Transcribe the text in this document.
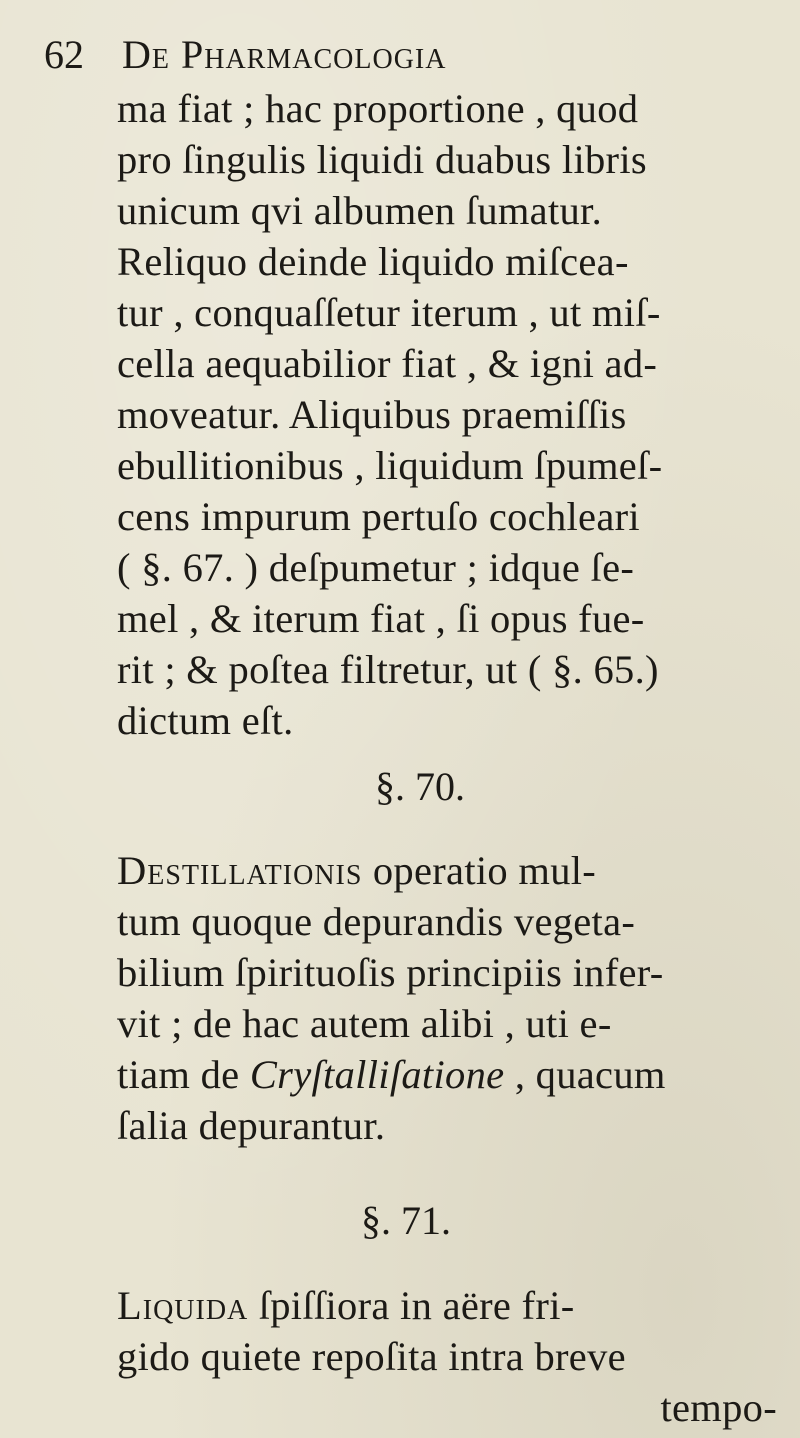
62 De Pharmacologia
ma fiat ; hac proportione , quod
pro ſingulis liquidi duabus libris
unicum qvi albumen ſumatur.
Reliquo deinde liquido miſcea-
tur , conquaſſetur iterum , ut miſ-
cella aequabilior fiat , & igni ad-
moveatur. Aliquibus praemiſſis
ebullitionibus , liquidum ſpumeſ-
cens impurum pertuſo cochleari
( §. 67. ) deſpumetur ; idque ſe-
mel , & iterum fiat , ſi opus fue-
rit ; & poſtea filtretur, ut ( §. 65.)
dictum eſt.
§. 70.
Destillationis operatio mul-
tum quoque depurandis vegeta-
bilium ſpirituoſis principiis infer-
vit ; de hac autem alibi , uti e-
tiam de Cryſtalliſatione , quacum
ſalia depurantur.
§. 71.
Liquida ſpiſſiora in aëre fri-
gido quiete repoſita intra breve
tempo-
